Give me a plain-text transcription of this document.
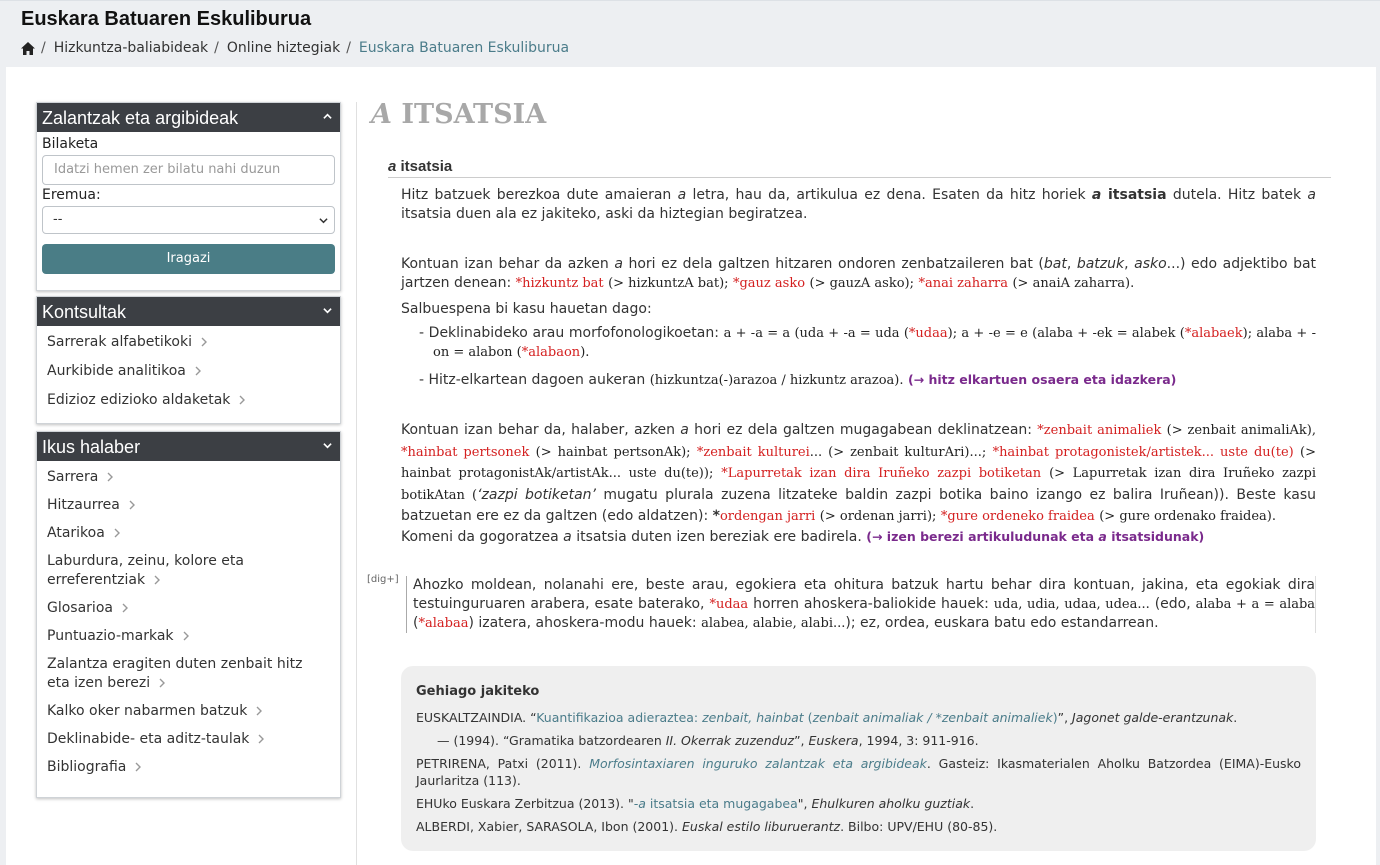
Euskara Batuaren Eskuliburua
/ Hizkuntza-baliabideak / Online hiztegiak / Euskara Batuaren Eskuliburua
Zalantzak eta argibideak
Bilaketa
Idatzi hemen zer bilatu nahi duzun
Eremua:
--
Iragazi
Kontsultak
Sarrerak alfabetikoki
Aurkibide analitikoa
Edizioz edizioko aldaketak
Ikus halaber
Sarrera
Hitzaurrea
Atarikoa
Laburdura, zeinu, kolore eta erreferentziak
Glosarioa
Puntuazio-markak
Zalantza eragiten duten zenbait hitz eta izen berezi
Kalko oker nabarmen batzuk
Deklinabide- eta aditz-taulak
Bibliografia
A ITSATSIA
a itsatsia
Hitz batzuek berezkoa dute amaieran a letra, hau da, artikulua ez dena. Esaten da hitz horiek a itsatsia dutela. Hitz batek a itsatsia duen ala ez jakiteko, aski da hiztegian begiratzea.
Kontuan izan behar da azken a hori ez dela galtzen hitzaren ondoren zenbatzaileren bat (bat, batzuk, asko...) edo adjektibo bat jartzen denean: *hizkuntz bat (> hizkuntzA bat); *gauz asko (> gauzA asko); *anai zaharra (> anaiA zaharra).
Salbuespena bi kasu hauetan dago:
- Deklinabideko arau morfofonologikoetan: a + -a = a (uda + -a = uda (*udaa); a + -e = e (alaba + -ek = alabek (*alabaek); alaba + -on = alabon (*alabaon).
- Hitz-elkartean dagoen aukeran (hizkuntza(-)arazoa / hizkuntz arazoa). (→ hitz elkartuen osaera eta idazkera)
Kontuan izan behar da, halaber, azken a hori ez dela galtzen mugagabean deklinatzean: *zenbait animaliek (> zenbait animaliAk), *hainbat pertsonek (> hainbat pertsonAk); *zenbait kulturei... (> zenbait kulturAri)...; *hainbat protagonistek/artistek... uste du(te) (> hainbat protagonistAk/artistAk... uste du(te)); *Lapurretak izan dira Iruñeko zazpi botiketan (> Lapurretak izan dira Iruñeko zazpi botikAtan (‘zazpi botiketan’ mugatu plurala zuzena litzateke baldin zazpi botika baino izango ez balira Iruñean)). Beste kasu batzuetan ere ez da galtzen (edo aldatzen): *ordengan jarri (> ordenan jarri); *gure ordeneko fraidea (> gure ordenako fraidea).
Komeni da gogoratzea a itsatsia duten izen bereziak ere badirela. (→ izen berezi artikuludunak eta a itsatsidunak)
[dig+]	Ahozko moldean, nolanahi ere, beste arau, egokiera eta ohitura batzuk hartu behar dira kontuan, jakina, eta egokiak dira testuinguruaren arabera, esate baterako, *udaa horren ahoskera-baliokide hauek: uda, udia, udaa, udea... (edo, alaba + a = alaba (*alabaa) izatera, ahoskera-modu hauek: alabea, alabie, alabi...); ez, ordea, euskara batu edo estandarrean.
Gehiago jakiteko
EUSKALTZAINDIA. “Kuantifikazioa adieraztea: zenbait, hainbat (zenbait animaliak / *zenbait animaliek)”, Jagonet galde-erantzunak.
— (1994). “Gramatika batzordearen II. Okerrak zuzenduz”, Euskera, 1994, 3: 911-916.
PETRIRENA, Patxi (2011). Morfosintaxiaren inguruko zalantzak eta argibideak. Gasteiz: Ikasmaterialen Aholku Batzordea (EIMA)-Eusko Jaurlaritza (113).
EHUko Euskara Zerbitzua (2013). "-a itsatsia eta mugagabea", Ehulkuren aholku guztiak.
ALBERDI, Xabier, SARASOLA, Ibon (2001). Euskal estilo liburuerantz. Bilbo: UPV/EHU (80-85).
